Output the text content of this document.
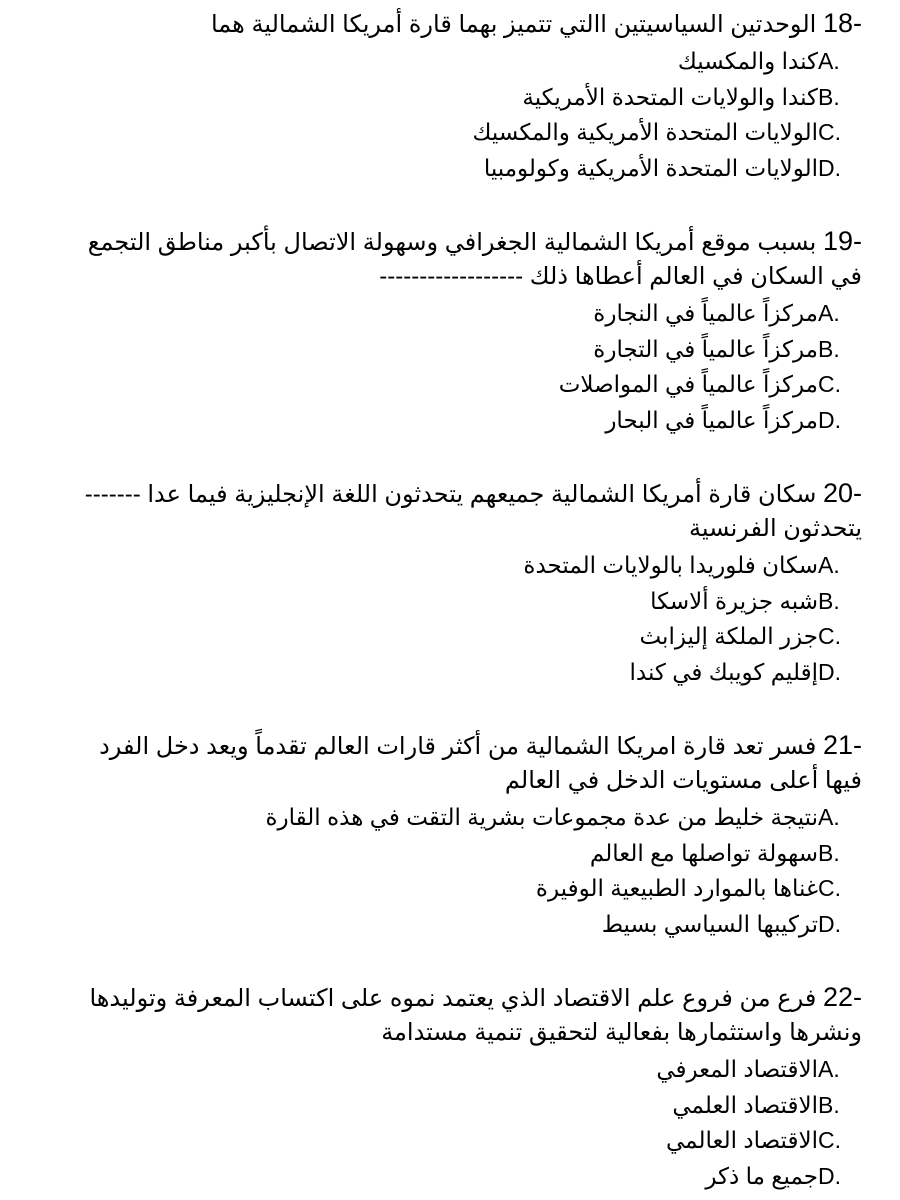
18- الوحدتين السياسيتين االتي تتميز بهما قارة أمريكا الشمالية هما

A.
كندا والمكسيك
B.
كندا والولايات المتحدة الأمريكية
C.
الولايات المتحدة الأمريكية والمكسيك
D.
الولايات المتحدة الأمريكية وكولومبيا

19- بسبب موقع أمريكا الشمالية الجغرافي وسهولة الاتصال بأكبر مناطق التجمع في السكان في العالم أعطاها ذلك ------------------

A.
مركزاً عالمياً في النجارة
B.
مركزاً عالمياً في التجارة
C.
مركزاً عالمياً في المواصلات
D.
مركزاً عالمياً في البحار

20- سكان قارة أمريكا الشمالية جميعهم يتحدثون اللغة الإنجليزية فيما عدا ------- يتحدثون الفرنسية

A.
سكان فلوريدا بالولايات المتحدة
B.
شبه جزيرة ألاسكا
C.
جزر الملكة إليزابث
D.
إقليم كويبك في كندا

21- فسر تعد قارة امريكا الشمالية من أكثر قارات العالم تقدماً ويعد دخل الفرد فيها أعلى مستويات الدخل في العالم

A.
نتيجة خليط من عدة مجموعات بشرية التقت في هذه القارة
B.
سهولة تواصلها مع العالم
C.
غناها بالموارد الطبيعية الوفيرة
D.
تركيبها السياسي بسيط

22- فرع من فروع علم الاقتصاد الذي يعتمد نموه على اكتساب المعرفة وتوليدها ونشرها واستثمارها بفعالية لتحقيق تنمية مستدامة

A.
الاقتصاد المعرفي
B.
الاقتصاد العلمي
C.
الاقتصاد العالمي
D.
جميع ما ذكر
